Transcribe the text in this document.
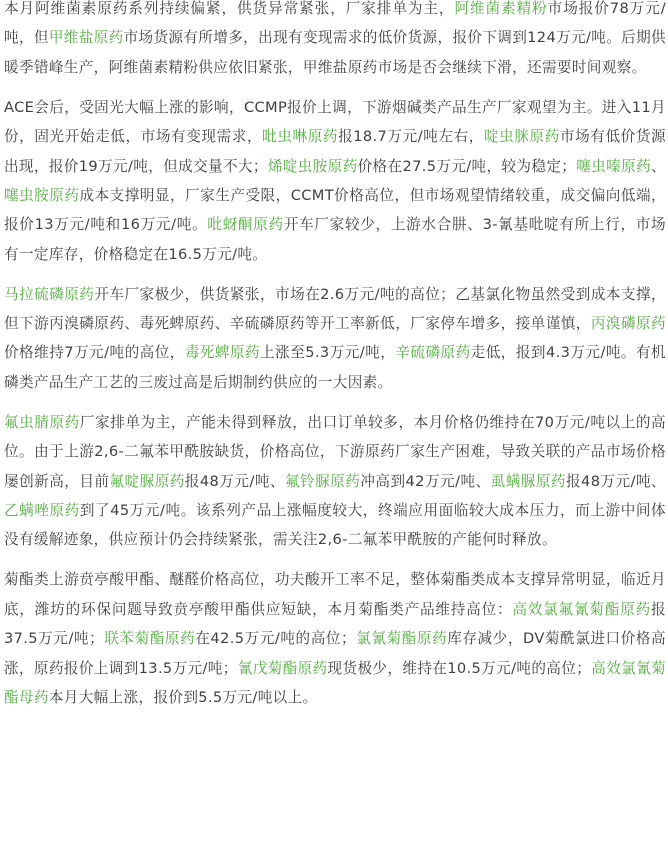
本月阿维菌素原药系列持续偏紧，供货异常紧张，厂家排单为主，阿维菌素精粉市场报价78万元/吨，但甲维盐原药市场货源有所增多，出现有变现需求的低价货源，报价下调到124万元/吨。后期供暖季错峰生产，阿维菌素精粉供应依旧紧张，甲维盐原药市场是否会继续下滑，还需要时间观察。

ACE会后，受固光大幅上涨的影响，CCMP报价上调，下游烟碱类产品生产厂家观望为主。进入11月份，固光开始走低，市场有变现需求，吡虫啉原药报18.7万元/吨左右，啶虫脒原药市场有低价货源出现，报价19万元/吨，但成交量不大；烯啶虫胺原药价格在27.5万元/吨，较为稳定；噻虫嗪原药、噻虫胺原药成本支撑明显，厂家生产受限，CCMT价格高位，但市场观望情绪较重，成交偏向低端，报价13万元/吨和16万元/吨。吡蚜酮原药开车厂家较少，上游水合肼、3-氰基吡啶有所上行，市场有一定库存，价格稳定在16.5万元/吨。

马拉硫磷原药开车厂家极少，供货紧张，市场在2.6万元/吨的高位；乙基氯化物虽然受到成本支撑，但下游丙溴磷原药、毒死蜱原药、辛硫磷原药等开工率新低，厂家停车增多，接单谨慎，丙溴磷原药价格维持7万元/吨的高位，毒死蜱原药上涨至5.3万元/吨，辛硫磷原药走低，报到4.3万元/吨。有机磷类产品生产工艺的三废过高是后期制约供应的一大因素。

氟虫腈原药厂家排单为主，产能未得到释放，出口订单较多，本月价格仍维持在70万元/吨以上的高位。由于上游2,6-二氟苯甲酰胺缺货，价格高位，下游原药厂家生产困难，导致关联的产品市场价格屡创新高，目前氟啶脲原药报48万元/吨、氟铃脲原药冲高到42万元/吨、虱螨脲原药报48万元/吨、乙螨唑原药到了45万元/吨。该系列产品上涨幅度较大，终端应用面临较大成本压力，而上游中间体没有缓解迹象，供应预计仍会持续紧张，需关注2,6-二氟苯甲酰胺的产能何时释放。

菊酯类上游贲亭酸甲酯、醚醛价格高位，功夫酸开工率不足，整体菊酯类成本支撑异常明显，临近月底，潍坊的环保问题导致贲亭酸甲酯供应短缺，本月菊酯类产品维持高位：高效氯氟氰菊酯原药报37.5万元/吨；联苯菊酯原药在42.5万元/吨的高位；氯氰菊酯原药库存减少，DV菊酰氯进口价格高涨，原药报价上调到13.5万元/吨；氰戊菊酯原药现货极少，维持在10.5万元/吨的高位；高效氯氰菊酯母药本月大幅上涨，报价到5.5万元/吨以上。
